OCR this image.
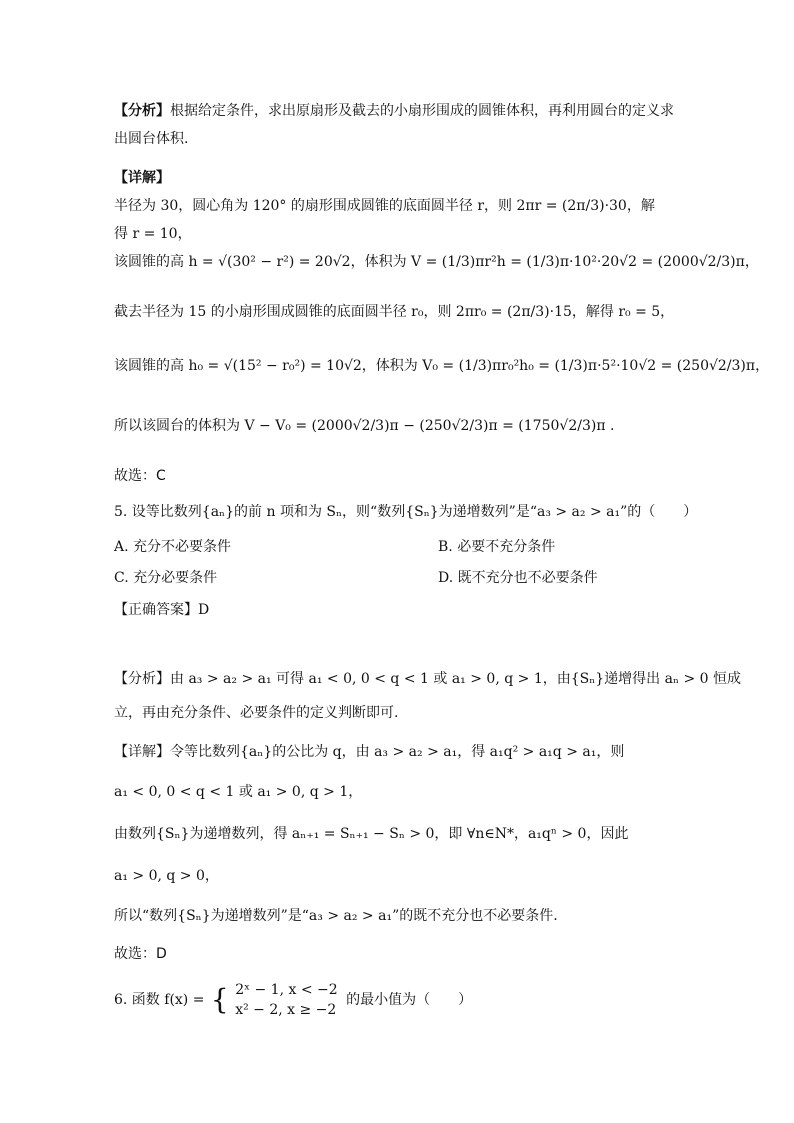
【分析】根据给定条件，求出原扇形及截去的小扇形围成的圆锥体积，再利用圆台的定义求
出圆台体积.
【详解】半径为 30，圆心角为 120° 的扇形围成圆锥的底面圆半径 r，则 2πr = (2π/3)·30，解
得 r = 10，
该圆锥的高 h = √(30² − r²) = 20√2，体积为 V = (1/3)πr²h = (1/3)π·10²·20√2 = (2000√2/3)π，
截去半径为 15 的小扇形围成圆锥的底面圆半径 r₀，则 2πr₀ = (2π/3)·15，解得 r₀ = 5，
该圆锥的高 h₀ = √(15² − r₀²) = 10√2，体积为 V₀ = (1/3)πr₀²h₀ = (1/3)π·5²·10√2 = (250√2/3)π，
所以该圆台的体积为 V − V₀ = (2000√2/3)π − (250√2/3)π = (1750√2/3)π .
故选：C
5. 设等比数列{aₙ}的前 n 项和为 Sₙ，则“数列{Sₙ}为递增数列”是“a₃ > a₂ > a₁”的（　　）
A. 充分不必要条件	B. 必要不充分条件
C. 充分必要条件	D. 既不充分也不必要条件
【正确答案】D
【分析】由 a₃ > a₂ > a₁ 可得 a₁ < 0, 0 < q < 1 或 a₁ > 0, q > 1，由{Sₙ}递增得出 aₙ > 0 恒成
立，再由充分条件、必要条件的定义判断即可.
【详解】令等比数列{aₙ}的公比为 q，由 a₃ > a₂ > a₁，得 a₁q² > a₁q > a₁，则
a₁ < 0, 0 < q < 1 或 a₁ > 0, q > 1，
由数列{Sₙ}为递增数列，得 aₙ₊₁ = Sₙ₊₁ − Sₙ > 0，即 ∀n∈N*，a₁qⁿ > 0，因此
a₁ > 0, q > 0，
所以“数列{Sₙ}为递增数列”是“a₃ > a₂ > a₁”的既不充分也不必要条件.
故选：D
6. 函数 f(x) = { 2ˣ − 1, x < −2
x² − 2, x ≥ −2
的最小值为（　　）
